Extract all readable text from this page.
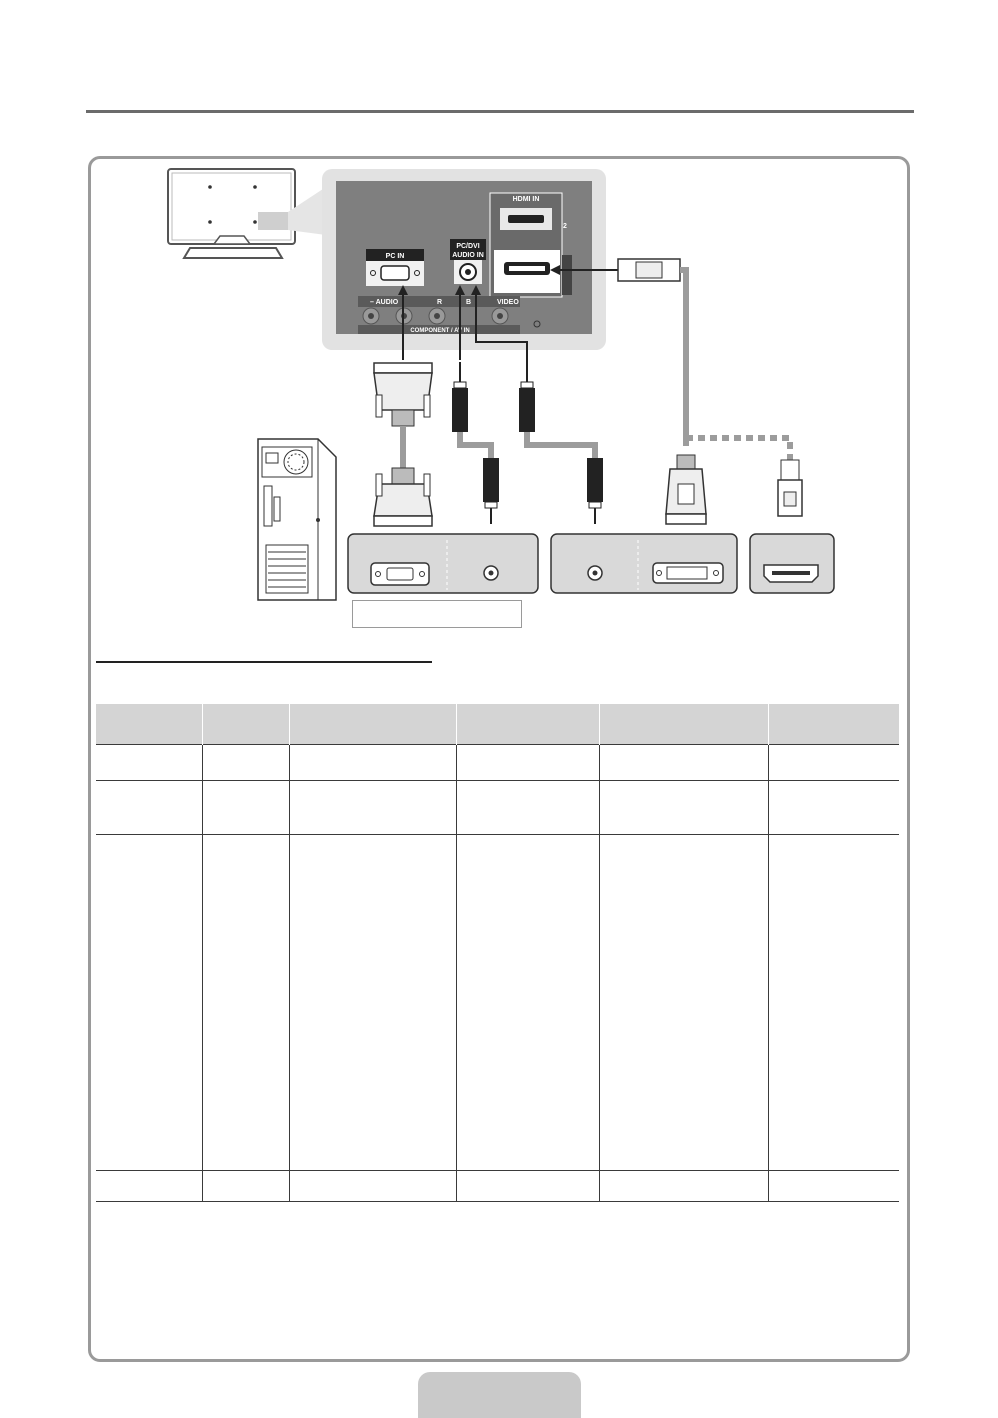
HDMI IN
2
PC IN
PC/DVI
AUDIO IN
– AUDIO	R	B	VIDEO
COMPONENT / AV IN
